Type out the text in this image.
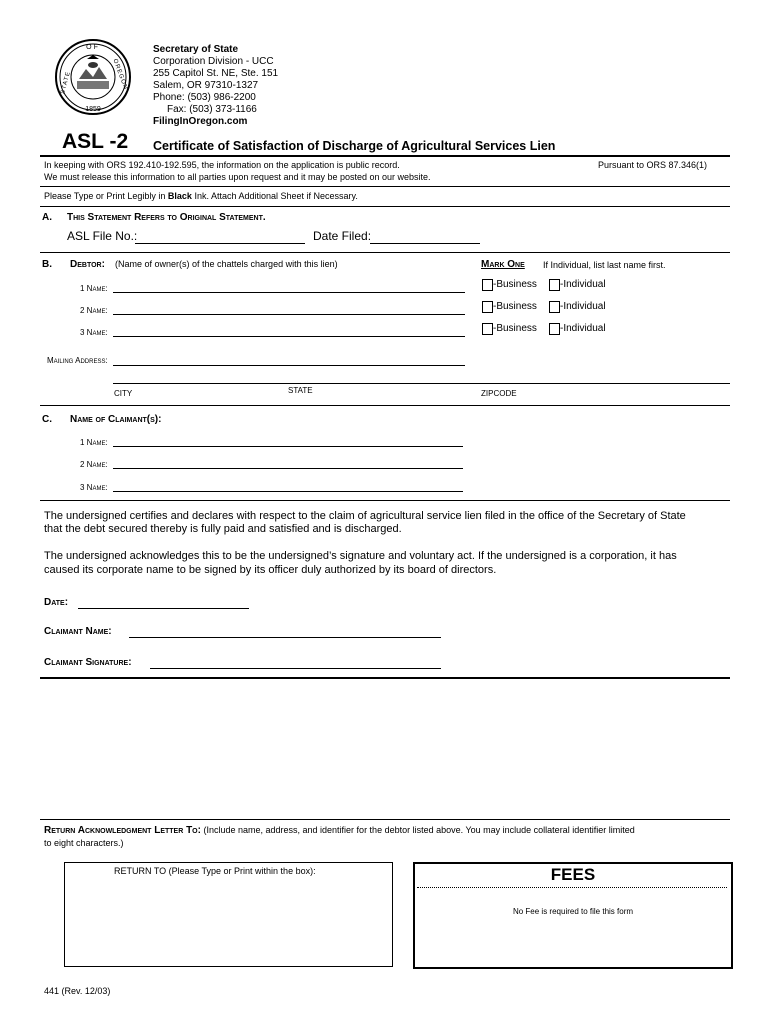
OF
STATE	OREGON
1859
Secretary of State
Corporation Division - UCC
255 Capitol St. NE, Ste. 151
Salem, OR 97310-1327
Phone: (503) 986-2200
Fax: (503) 373-1166
FilingInOregon.com
ASL -2 Certificate of Satisfaction of Discharge of Agricultural Services Lien
In keeping with ORS 192.410-192.595, the information on the application is public record.
We must release this information to all parties upon request and it may be posted on our website.
Pursuant to ORS 87.346(1)
Please Type or Print Legibly in Black Ink. Attach Additional Sheet if Necessary.
A. This Statement Refers to Original Statement.
ASL File No.:	Date Filed:
B. Debtor: (Name of owner(s) of the chattels charged with this lien)	Mark One If Individual, list last name first.
1 Name:	-Business -Individual
2 Name:	-Business -Individual
3 Name:	-Business -Individual
Mailing Address:
CITY	STATE	ZIPCODE
C. Name of Claimant(s):
1 Name:
2 Name:
3 Name:
The undersigned certifies and declares with respect to the claim of agricultural service lien filed in the office of the Secretary of State
that the debt secured thereby is fully paid and satisfied and is discharged.
The undersigned acknowledges this to be the undersigned’s signature and voluntary act. If the undersigned is a corporation, it has
caused its corporate name to be signed by its officer duly authorized by its board of directors.
Date:
Claimant Name:
Claimant Signature:
Return Acknowledgment Letter To: (Include name, address, and identifier for the debtor listed above. You may include collateral identifier limited
to eight characters.)
RETURN TO (Please Type or Print within the box):	FEES
No Fee is required to file this form
441 (Rev. 12/03)
